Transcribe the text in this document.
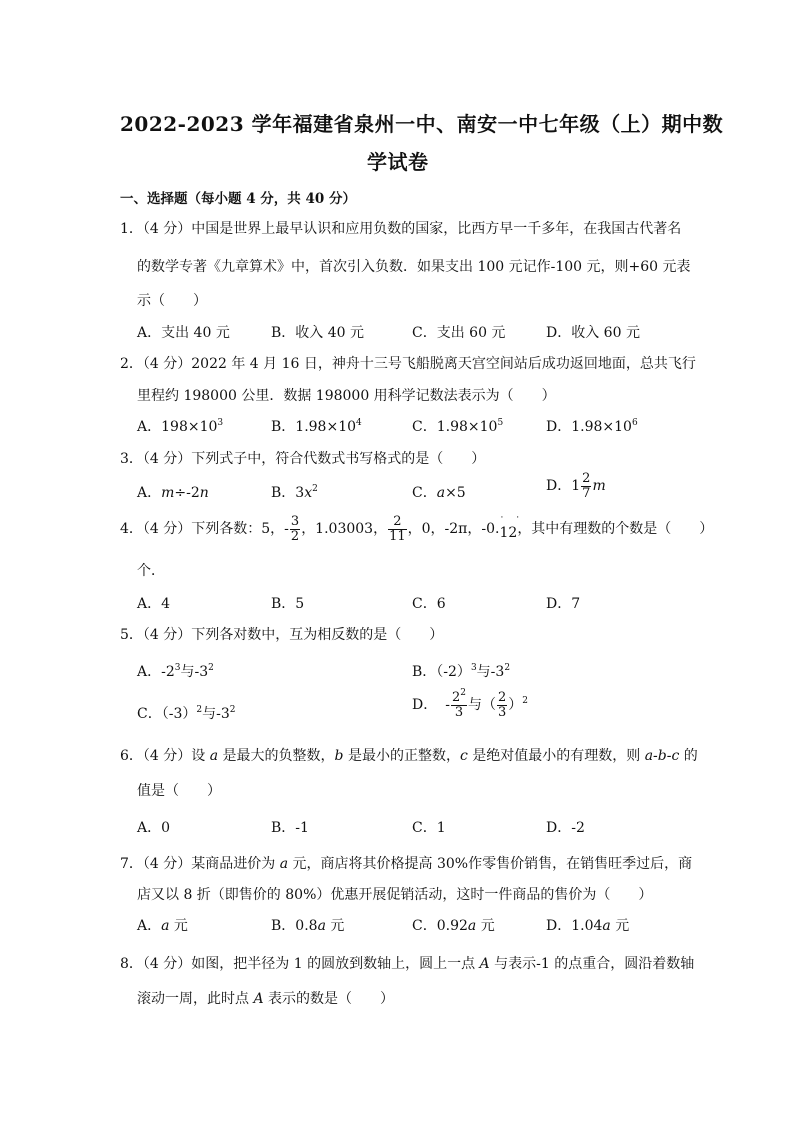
2022-2023 学年福建省泉州一中、南安一中七年级（上）期中数
学试卷
一、选择题（每小题 4 分，共 40 分）
1．（4 分）中国是世界上最早认识和应用负数的国家，比西方早一千多年，在我国古代著名
的数学专著《九章算术》中，首次引入负数．如果支出 100 元记作-100 元，则+60 元表
示（　　）
A．支出 40 元	B．收入 40 元	C．支出 60 元	D．收入 60 元
2．（4 分）2022 年 4 月 16 日，神舟十三号飞船脱离天宫空间站后成功返回地面，总共飞行
里程约 198000 公里．数据 198000 用科学记数法表示为（　　）
A．$198\times 10^3$	B．$1.98\times 10^4$	C．$1.98\times 10^5$	D．$1.98\times 10^6$
3．（4 分）下列式子中，符合代数式书写格式的是（　　）
A．m÷-2n	B．$3x^2$	C．a×5	D．$1 \frac{2}{7}$ m
4．（4 分）下列各数：5，- $\frac{3}{2}$ ，1.03003， $\frac{2}{11}$ ，0，-2π，-0.
· ·
12，其中有理数的个数是（　　）
个．
A．4	B．5	C．6	D．7
5．（4 分）下列各对数中，互为相反数的是（　　）
A．$-2^3$与$-3^2$	B．$(-2)^3$与$-3^2$
C．$(-3)^2$与$-3^2$	D． - $\frac{2^2}{3}$ 与（ $\frac{2}{3} )^2$
6．（4 分）设 a 是最大的负整数，b 是最小的正整数，c 是绝对值最小的有理数，则 a-b-c 的
值是（　　）
A．0	B．-1	C．1	D．-2
7．（4 分）某商品进价为 a 元，商店将其价格提高 30%作零售价销售，在销售旺季过后，商
店又以 8 折（即售价的 80%）优惠开展促销活动，这时一件商品的售价为（　　）
A．a 元	B．0.8a 元	C．0.92a 元	D．1.04a 元
8．（4 分）如图，把半径为 1 的圆放到数轴上，圆上一点 A 与表示-1 的点重合，圆沿着数轴
滚动一周，此时点 A 表示的数是（　　）
